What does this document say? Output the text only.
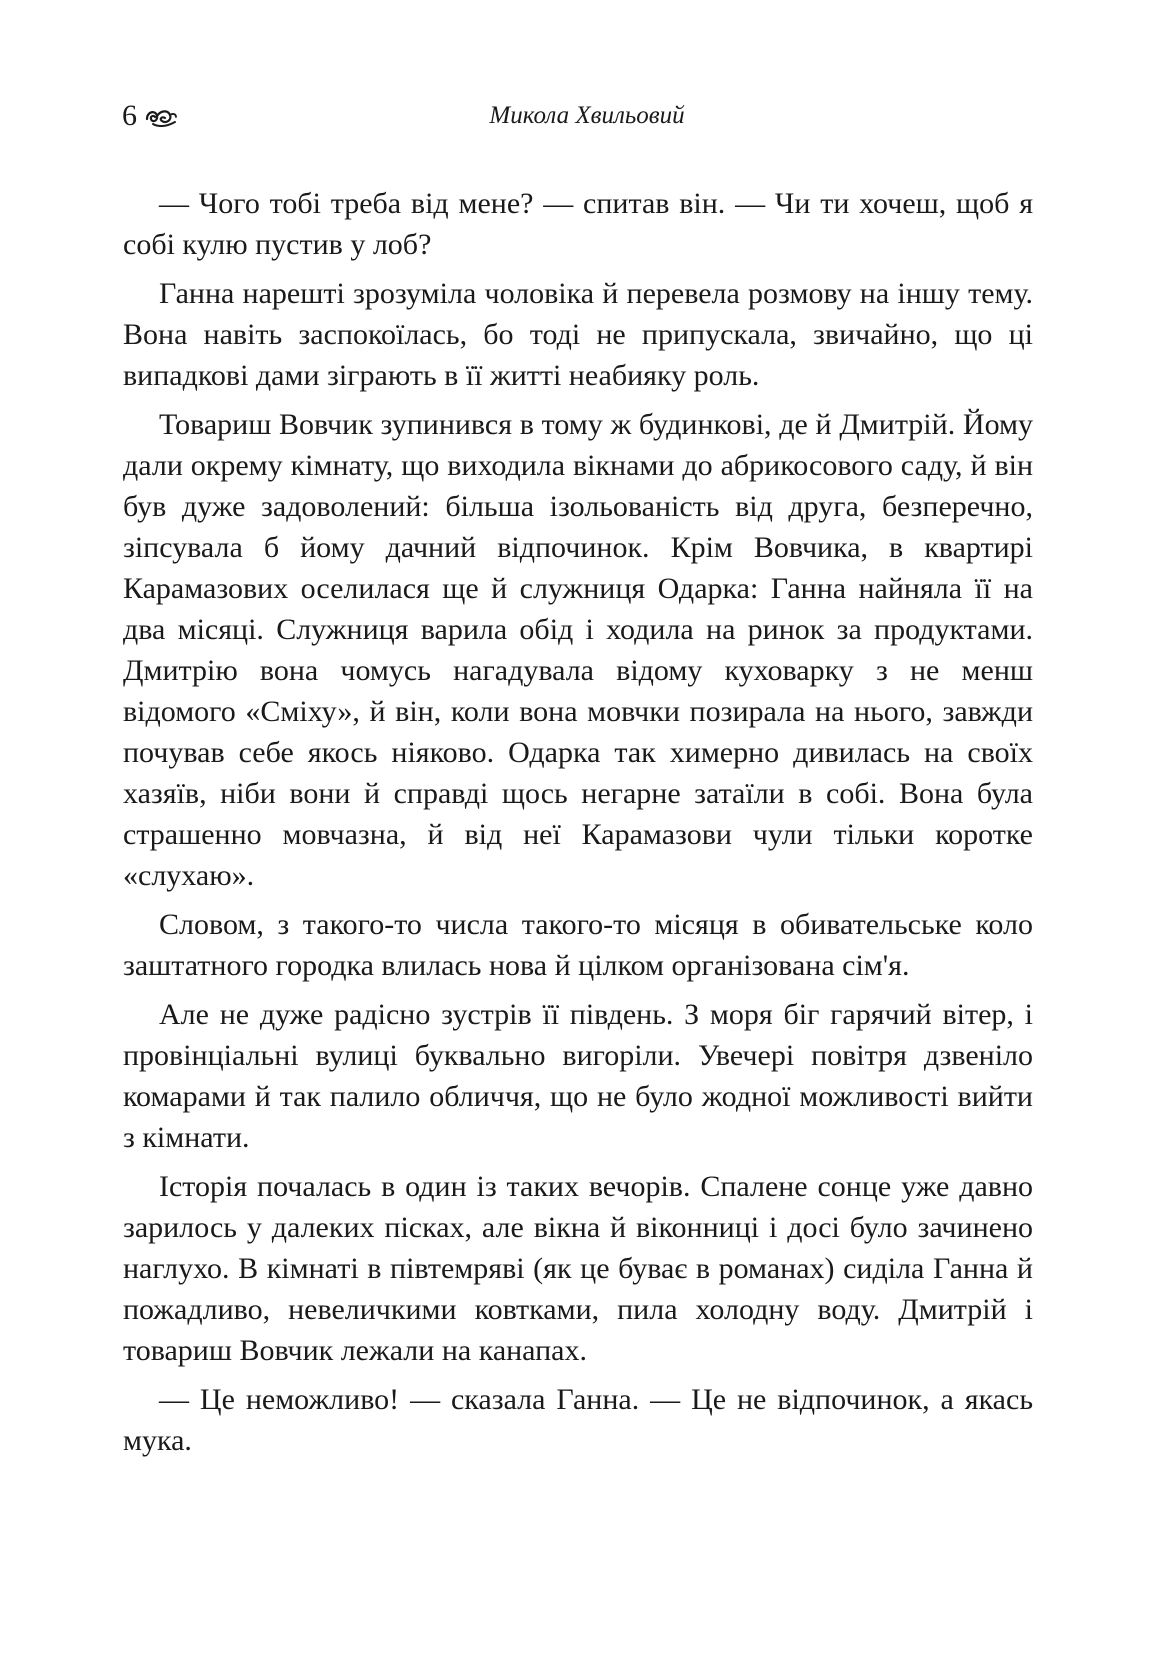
6	Микола Хвильовий

— Чого тобі треба від мене? — спитав він. — Чи ти хочеш, щоб я собі кулю пустив у лоб?

Ганна нарешті зрозуміла чоловіка й перевела розмову на іншу тему. Вона навіть заспокоїлась, бо тоді не припускала, звичайно, що ці випадкові дами зіграють в її житті неабияку роль.

Товариш Вовчик зупинився в тому ж будинкові, де й Дмитрій. Йому дали окрему кімнату, що виходила вікнами до абрикосового саду, й він був дуже задоволений: більша ізольованість від друга, безперечно, зіпсувала б йому дачний відпочинок. Крім Вовчика, в квартирі Карамазових оселилася ще й служниця Одарка: Ганна найняла її на два місяці. Служниця варила обід і ходила на ринок за продуктами. Дмитрію вона чомусь нагадувала відому куховарку з не менш відомого «Сміху», й він, коли вона мовчки позирала на нього, завжди почував себе якось ніяково. Одарка так химерно дивилась на своїх хазяїв, ніби вони й справді щось негарне затаїли в собі. Вона була страшенно мовчазна, й від неї Карамазови чули тільки коротке «слухаю».

Словом, з такого-то числа такого-то місяця в обивательське коло заштатного городка влилась нова й цілком організована сім'я.

Але не дуже радісно зустрів її південь. З моря біг гарячий вітер, і провінціальні вулиці буквально вигоріли. Увечері повітря дзвеніло комарами й так палило обличчя, що не було жодної можливості вийти з кімнати.

Історія почалась в один із таких вечорів. Спалене сонце уже давно зарилось у далеких пісках, але вікна й віконниці і досі було зачинено наглухо. В кімнаті в півтемряві (як це буває в романах) сиділа Ганна й пожадливо, невеличкими ковтками, пила холодну воду. Дмитрій і товариш Вовчик лежали на канапах.

— Це неможливо! — сказала Ганна. — Це не відпочинок, а якась мука.
